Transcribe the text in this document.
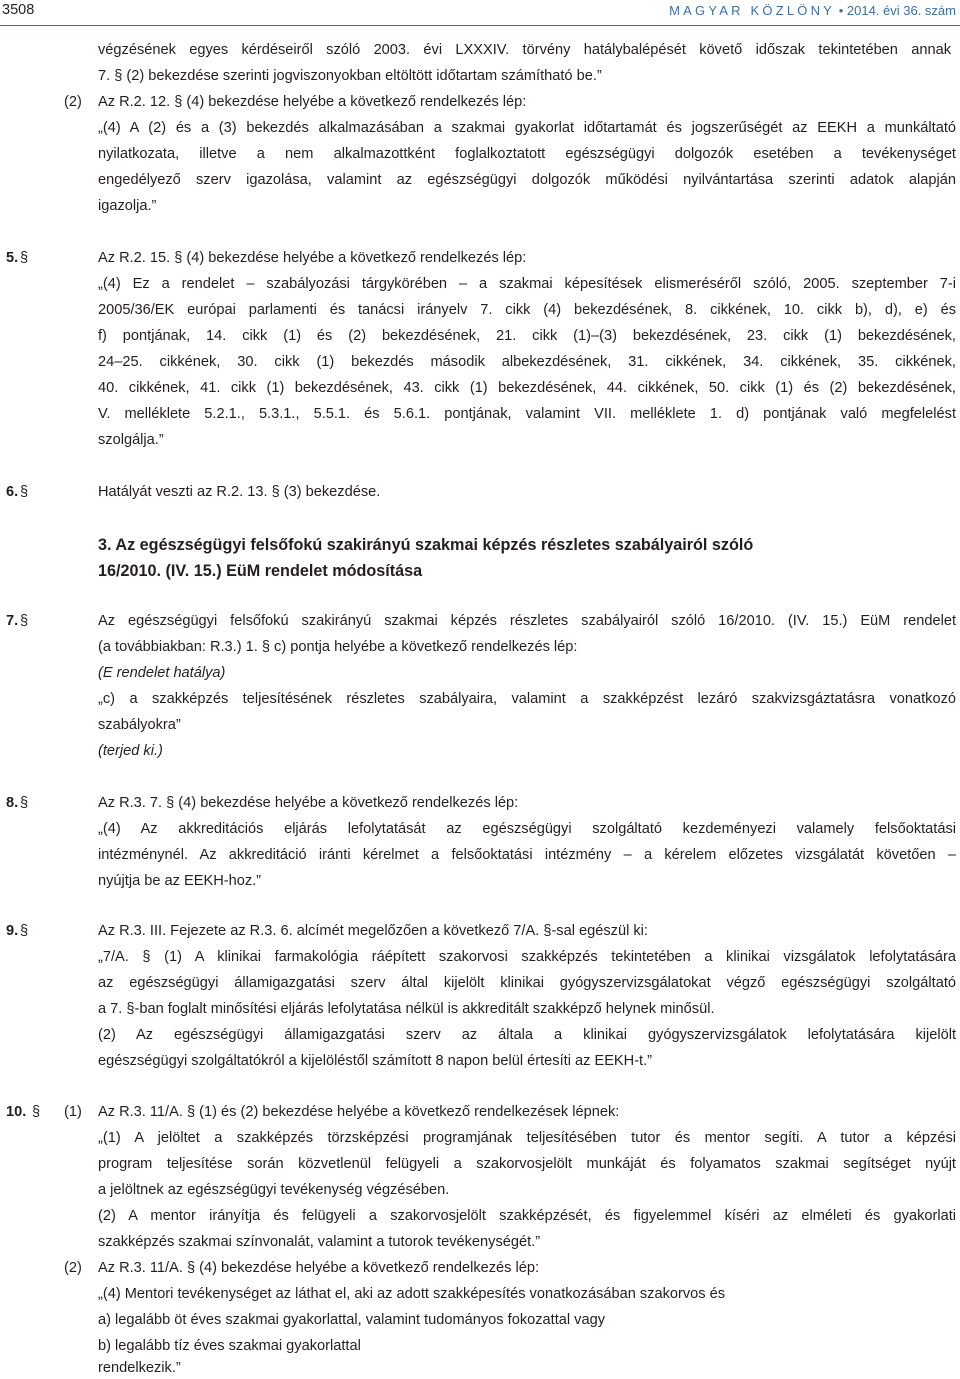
3508	MAGYAR KÖZLÖNY • 2014. évi 36. szám
végzésének egyes kérdéseiről szóló 2003. évi LXXXIV. törvény hatálybalépését követő időszak tekintetében annak
7. § (2) bekezdése szerinti jogviszonyokban eltöltött időtartam számítható be.”
(2) Az R.2. 12. § (4) bekezdése helyébe a következő rendelkezés lép:
„(4) A (2) és a (3) bekezdés alkalmazásában a szakmai gyakorlat időtartamát és jogszerűségét az EEKH a munkáltató
nyilatkozata, illetve a nem alkalmazottként foglalkoztatott egészségügyi dolgozók esetében a tevékenységet
engedélyező szerv igazolása, valamint az egészségügyi dolgozók működési nyilvántartása szerinti adatok alapján
igazolja.”
5. §	Az R.2. 15. § (4) bekezdése helyébe a következő rendelkezés lép:
„(4) Ez a rendelet – szabályozási tárgykörében – a szakmai képesítések elismeréséről szóló, 2005. szeptember 7-i
2005/36/EK európai parlamenti és tanácsi irányelv 7. cikk (4) bekezdésének, 8. cikkének, 10. cikk b), d), e) és
f) pontjának, 14. cikk (1) és (2) bekezdésének, 21. cikk (1)–(3) bekezdésének, 23. cikk (1) bekezdésének,
24–25. cikkének, 30. cikk (1) bekezdés második albekezdésének, 31. cikkének, 34. cikkének, 35. cikkének,
40. cikkének, 41. cikk (1) bekezdésének, 43. cikk (1) bekezdésének, 44. cikkének, 50. cikk (1) és (2) bekezdésének,
V. melléklete 5.2.1., 5.3.1., 5.5.1. és 5.6.1. pontjának, valamint VII. melléklete 1. d) pontjának való megfelelést
szolgálja.”
6. §	Hatályát veszti az R.2. 13. § (3) bekezdése.
3. Az egészségügyi felsőfokú szakirányú szakmai képzés részletes szabályairól szóló
16/2010. (IV. 15.) EüM rendelet módosítása
7. §	Az egészségügyi felsőfokú szakirányú szakmai képzés részletes szabályairól szóló 16/2010. (IV. 15.) EüM rendelet
(a továbbiakban: R.3.) 1. § c) pontja helyébe a következő rendelkezés lép:
(E rendelet hatálya)
„c) a szakképzés teljesítésének részletes szabályaira, valamint a szakképzést lezáró szakvizsgáztatásra vonatkozó
szabályokra”
(terjed ki.)
8. §	Az R.3. 7. § (4) bekezdése helyébe a következő rendelkezés lép:
„(4) Az akkreditációs eljárás lefolytatását az egészségügyi szolgáltató kezdeményezi valamely felsőoktatási
intézménynél. Az akkreditáció iránti kérelmet a felsőoktatási intézmény – a kérelem előzetes vizsgálatát követően –
nyújtja be az EEKH-hoz.”
9. §	Az R.3. III. Fejezete az R.3. 6. alcímét megelőzően a következő 7/A. §-sal egészül ki:
„7/A. § (1) A klinikai farmakológia ráépített szakorvosi szakképzés tekintetében a klinikai vizsgálatok lefolytatására
az egészségügyi államigazgatási szerv által kijelölt klinikai gyógyszervizsgálatokat végző egészségügyi szolgáltató
a 7. §-ban foglalt minősítési eljárás lefolytatása nélkül is akkreditált szakképző helynek minősül.
(2) Az egészségügyi államigazgatási szerv az általa a klinikai gyógyszervizsgálatok lefolytatására kijelölt
egészségügyi szolgáltatókról a kijelöléstől számított 8 napon belül értesíti az EEKH-t.”
10. § (1) Az R.3. 11/A. § (1) és (2) bekezdése helyébe a következő rendelkezések lépnek:
„(1) A jelöltet a szakképzés törzsképzési programjának teljesítésében tutor és mentor segíti. A tutor a képzési
program teljesítése során közvetlenül felügyeli a szakorvosjelölt munkáját és folyamatos szakmai segítséget nyújt
a jelöltnek az egészségügyi tevékenység végzésében.
(2) A mentor irányítja és felügyeli a szakorvosjelölt szakképzését, és figyelemmel kíséri az elméleti és gyakorlati
szakképzés szakmai színvonalát, valamint a tutorok tevékenységét.”
(2) Az R.3. 11/A. § (4) bekezdése helyébe a következő rendelkezés lép:
„(4) Mentori tevékenységet az láthat el, aki az adott szakképesítés vonatkozásában szakorvos és
a) legalább öt éves szakmai gyakorlattal, valamint tudományos fokozattal vagy
b) legalább tíz éves szakmai gyakorlattal
rendelkezik.”
